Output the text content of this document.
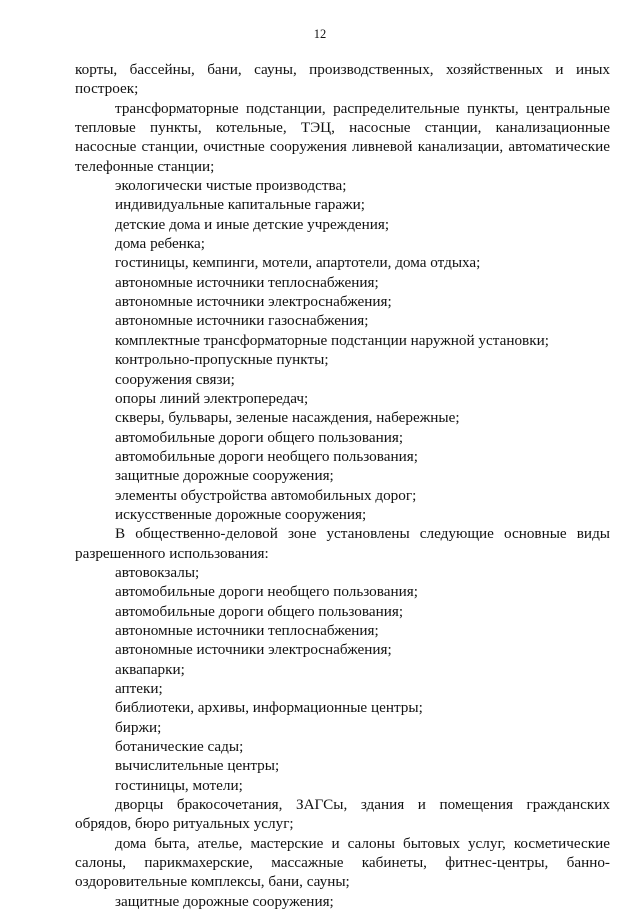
12

корты, бассейны, бани, сауны, производственных, хозяйственных и иных построек;

трансформаторные подстанции, распределительные пункты, центральные тепловые пункты, котельные, ТЭЦ, насосные станции, канализационные насосные станции, очистные сооружения ливневой канализации, автоматические телефонные станции;

экологически чистые производства;

индивидуальные капитальные гаражи;

детские дома и иные детские учреждения;

дома ребенка;

гостиницы, кемпинги, мотели, апартотели, дома отдыха;

автономные источники теплоснабжения;

автономные источники электроснабжения;

автономные источники газоснабжения;

комплектные трансформаторные подстанции наружной установки;

контрольно-пропускные пункты;

сооружения связи;

опоры линий электропередач;

скверы, бульвары, зеленые насаждения, набережные;

автомобильные дороги общего пользования;

автомобильные дороги необщего пользования;

защитные дорожные сооружения;

элементы обустройства автомобильных дорог;

искусственные дорожные сооружения;

В общественно-деловой зоне установлены следующие основные виды разрешенного использования:

автовокзалы;

автомобильные дороги необщего пользования;

автомобильные дороги общего пользования;

автономные источники теплоснабжения;

автономные источники электроснабжения;

аквапарки;

аптеки;

библиотеки, архивы, информационные центры;

биржи;

ботанические сады;

вычислительные центры;

гостиницы, мотели;

дворцы бракосочетания, ЗАГСы, здания и помещения гражданских обрядов, бюро ритуальных услуг;

дома быта, ателье, мастерские и салоны бытовых услуг, косметические салоны, парикмахерские, массажные кабинеты, фитнес-центры, банно-оздоровительные комплексы, бани, сауны;

защитные дорожные сооружения;
